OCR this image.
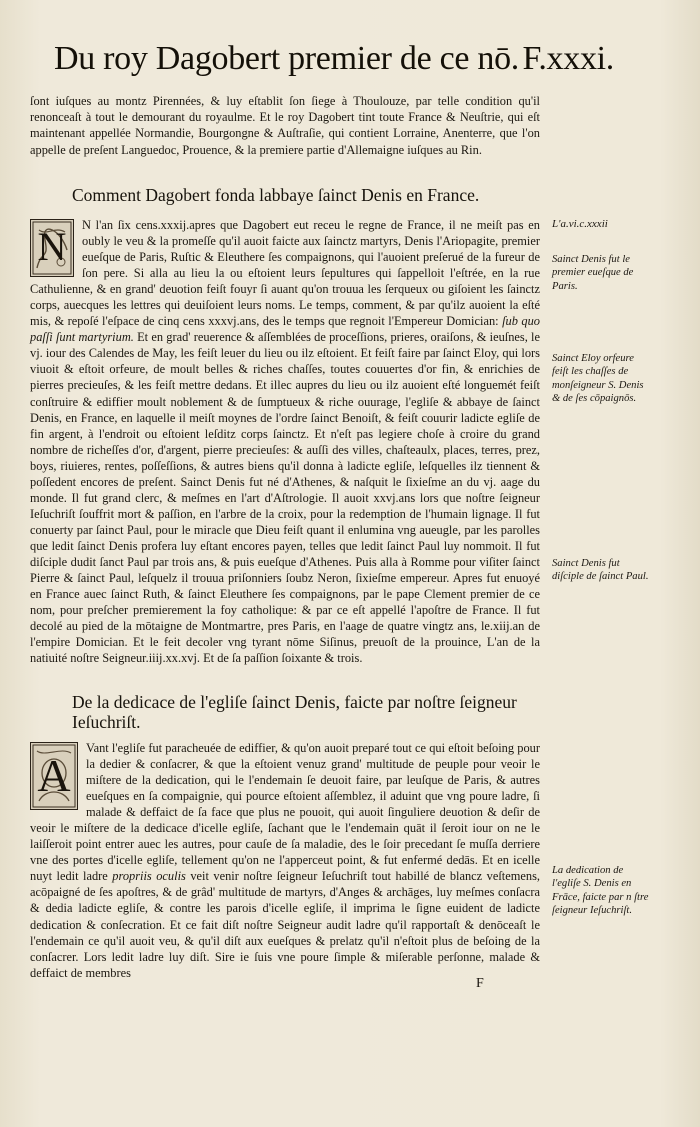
Du roy Dagobert premier de ce nō. F.xxxi.
ſont iuſques au montz Pirennées, & luy eſtablit ſon ſiege à Thoulouze, par telle condition qu'il renonceaſt à tout le demourant du royaulme. Et le roy Dagobert tint toute France & Neuſtrie, qui eſt maintenant appellée Normandie, Bourgongne & Auſtraſie, qui contient Lorraine, Anenterre, que l'on appelle de preſent Languedoc, Prouence, & la premiere partie d'Allemaigne iuſques au Rin.
Comment Dagobert fonda labbaye ſainct Denis en France.
N	N l'an ſix cens.xxxij.apres que Dagobert eut receu le regne de France, il ne meiſt pas en oubly le veu & la promeſſe qu'il auoit faicte aux ſainctz martyrs, Denis l'Ariopagite, premier eueſque de Paris, Ruſtic & Eleuthere ſes compaignons, qui l'auoient preſerué de la fureur de ſon pere. Si alla au lieu la ou eſtoient leurs ſepultures qui ſappelloit l'eſtrée, en la rue Cathulienne, & en grand' deuotion feiſt fouyr ſi auant qu'on trouua les ſerqueux ou giſoient les ſainctz corps, auecques les lettres qui deuiſoient leurs noms. Le temps, comment, & par qu'ilz auoient la eſté mis, & repoſé l'eſpace de cinq cens xxxvj.ans, des le temps que regnoit l'Empereur Domician: ſub quo paſſi ſunt martyrium. Et en grad' reuerence & aſſemblées de proceſſions, prieres, oraiſons, & ieuſnes, le vj. iour des Calendes de May, les feiſt leuer du lieu ou ilz eſtoient. Et feiſt faire par ſainct Eloy, qui lors viuoit & eſtoit orfeure, de moult belles & riches chaſſes, toutes couuertes d'or fin, & enrichies de pierres precieuſes, & les feiſt mettre dedans. Et illec aupres du lieu ou ilz auoient eſté longuemét feiſt conſtruire & ediffier moult noblement & de ſumptueux & riche ouurage, l'egliſe & abbaye de ſainct Denis, en France, en laquelle il meiſt moynes de l'ordre ſainct Benoiſt, & feiſt couurir ladicte egliſe de fin argent, à l'endroit ou eſtoient leſditz corps ſainctz. Et n'eſt pas legiere choſe à croire du grand nombre de richeſſes d'or, d'argent, pierre precieuſes: & auſſi des villes, chaſteaulx, places, terres, prez, boys, riuieres, rentes, poſſeſſions, & autres biens qu'il donna à ladicte egliſe, leſquelles ilz tiennent & poſſedent encores de preſent. Sainct Denis fut né d'Athenes, & naſquit le ſixieſme an du vj. aage du monde. Il fut grand clerc, & meſmes en l'art d'Aſtrologie. Il auoit xxvj.ans lors que noſtre ſeigneur Ieſuchriſt ſouffrit mort & paſſion, en l'arbre de la croix, pour la redemption de l'humain lignage. Il fut conuerty par ſainct Paul, pour le miracle que Dieu feiſt quant il enlumina vng aueugle, par les parolles que ledit ſainct Denis profera luy eſtant encores payen, telles que ledit ſainct Paul luy nommoit. Il fut diſciple dudit ſanct Paul par trois ans, & puis eueſque d'Athenes. Puis alla à Romme pour viſiter ſainct Pierre & ſainct Paul, leſquelz il trouua priſonniers ſoubz Neron, ſixieſme empereur. Apres fut enuoyé en France auec ſainct Ruth, & ſainct Eleuthere ſes compaignons, par le pape Clement premier de ce nom, pour preſcher premierement la foy catholique: & par ce eſt appellé l'apoſtre de France. Il fut decolé au pied de la mōtaigne de Montmartre, pres Paris, en l'aage de quatre vingtz ans, le.xiij.an de l'empire Domician. Et le feit decoler vng tyrant nōme Siſinus, preuoſt de la prouince, L'an de la natiuité noſtre Seigneur.iiij.xx.xvj. Et de ſa paſſion ſoixante & trois.
De la dedicace de l'egliſe ſainct Denis, faicte par noſtre ſeigneur Ieſuchriſt.
A
Vant l'egliſe fut paracheuée de ediffier, & qu'on auoit preparé tout ce qui eſtoit beſoing pour la dedier & conſacrer, & que la eſtoient venuz grand' multitude de peuple pour veoir le miſtere de la dedication, qui le l'endemain ſe deuoit faire, par leuſque de Paris, & autres eueſques en ſa compaignie, qui pource eſtoient aſſemblez, il aduint que vng poure ladre, ſi malade & deffaict de ſa face que plus ne pouoit, qui auoit ſinguliere deuotion & deſir de veoir le miſtere de la dedicace d'icelle egliſe, ſachant que le l'endemain quāt il ſeroit iour on ne le laiſſeroit point entrer auec les autres, pour cauſe de ſa maladie, des le ſoir precedant ſe muſſa derriere vne des portes d'icelle egliſe, tellement qu'on ne l'apperceut point, & fut enfermé dedās. Et en icelle nuyt ledit ladre propriis oculis veit venir noſtre ſeigneur Ieſuchriſt tout habillé de blancz veſtemens, acōpaigné de ſes apoſtres, & de grâd' multitude de martyrs, d'Anges & archāges, luy meſmes conſacra & dedia ladicte egliſe, & contre les parois d'icelle egliſe, il imprima le ſigne euident de ladicte dedication & conſecration. Et ce fait diſt noſtre Seigneur audit ladre qu'il rapportaſt & denōceaſt le l'endemain ce qu'il auoit veu, & qu'il diſt aux eueſques & prelatz qu'il n'eſtoit plus de beſoing de la conſacrer. Lors ledit ladre luy diſt. Sire ie ſuis vne poure ſimple & miſerable perſonne, malade & deffaict de membres
L'a.vi.c.xxxii
Sainct Denis fut le premier eueſque de Paris.
Sainct Eloy orfeure feiſt les chaſſes de monſeigneur S. Denis & de ſes cōpaignōs.
Sainct Denis fut diſciple de ſainct Paul.
La dedication de l'egliſe S. Denis en Frāce, faicte par n ſtre ſeigneur Ieſuchriſt.
F
